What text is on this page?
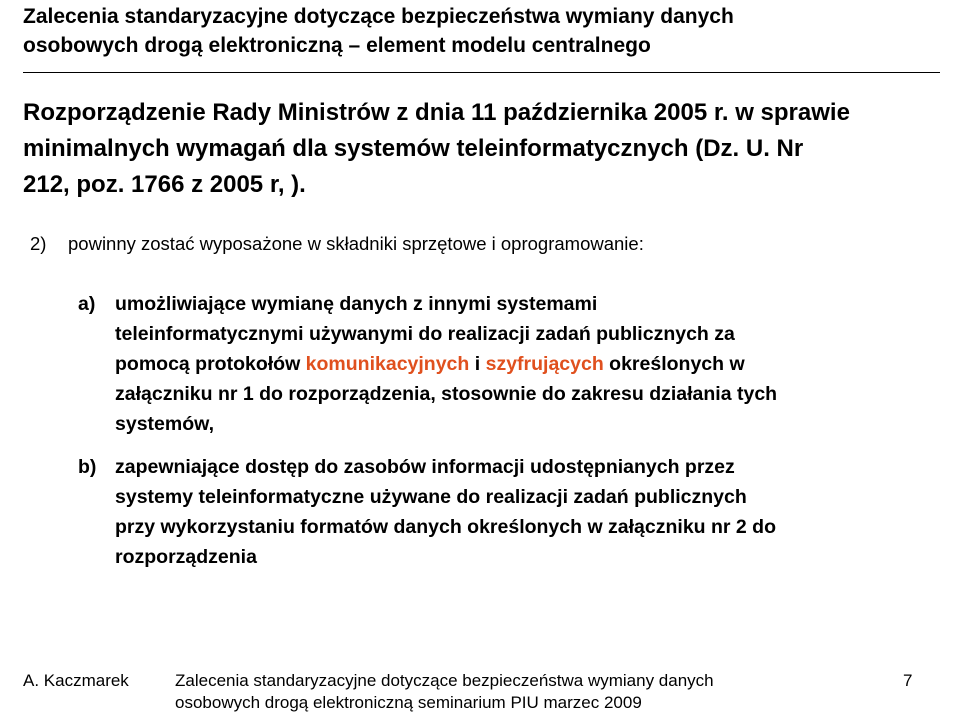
Zalecenia standaryzacyjne dotyczące bezpieczeństwa wymiany danych
osobowych drogą elektroniczną – element modelu centralnego

Rozporządzenie Rady Ministrów z dnia 11 października 2005 r. w sprawie
minimalnych wymagań dla systemów teleinformatycznych (Dz. U. Nr
212, poz. 1766 z 2005 r, ).

2)	powinny zostać wyposażone w składniki sprzętowe i oprogramowanie:
a)	umożliwiające wymianę danych z innymi systemami
teleinformatycznymi używanymi do realizacji zadań publicznych za
pomocą protokołów komunikacyjnych i szyfrujących określonych w
załączniku nr 1 do rozporządzenia, stosownie do zakresu działania tych
systemów,
b) zapewniające dostęp do zasobów informacji udostępnianych przez
systemy teleinformatyczne używane do realizacji zadań publicznych
przy wykorzystaniu formatów danych określonych w załączniku nr 2 do
rozporządzenia
A. Kaczmarek	Zalecenia standaryzacyjne dotyczące bezpieczeństwa wymiany danych
osobowych drogą elektroniczną seminarium PIU marzec 2009
7
